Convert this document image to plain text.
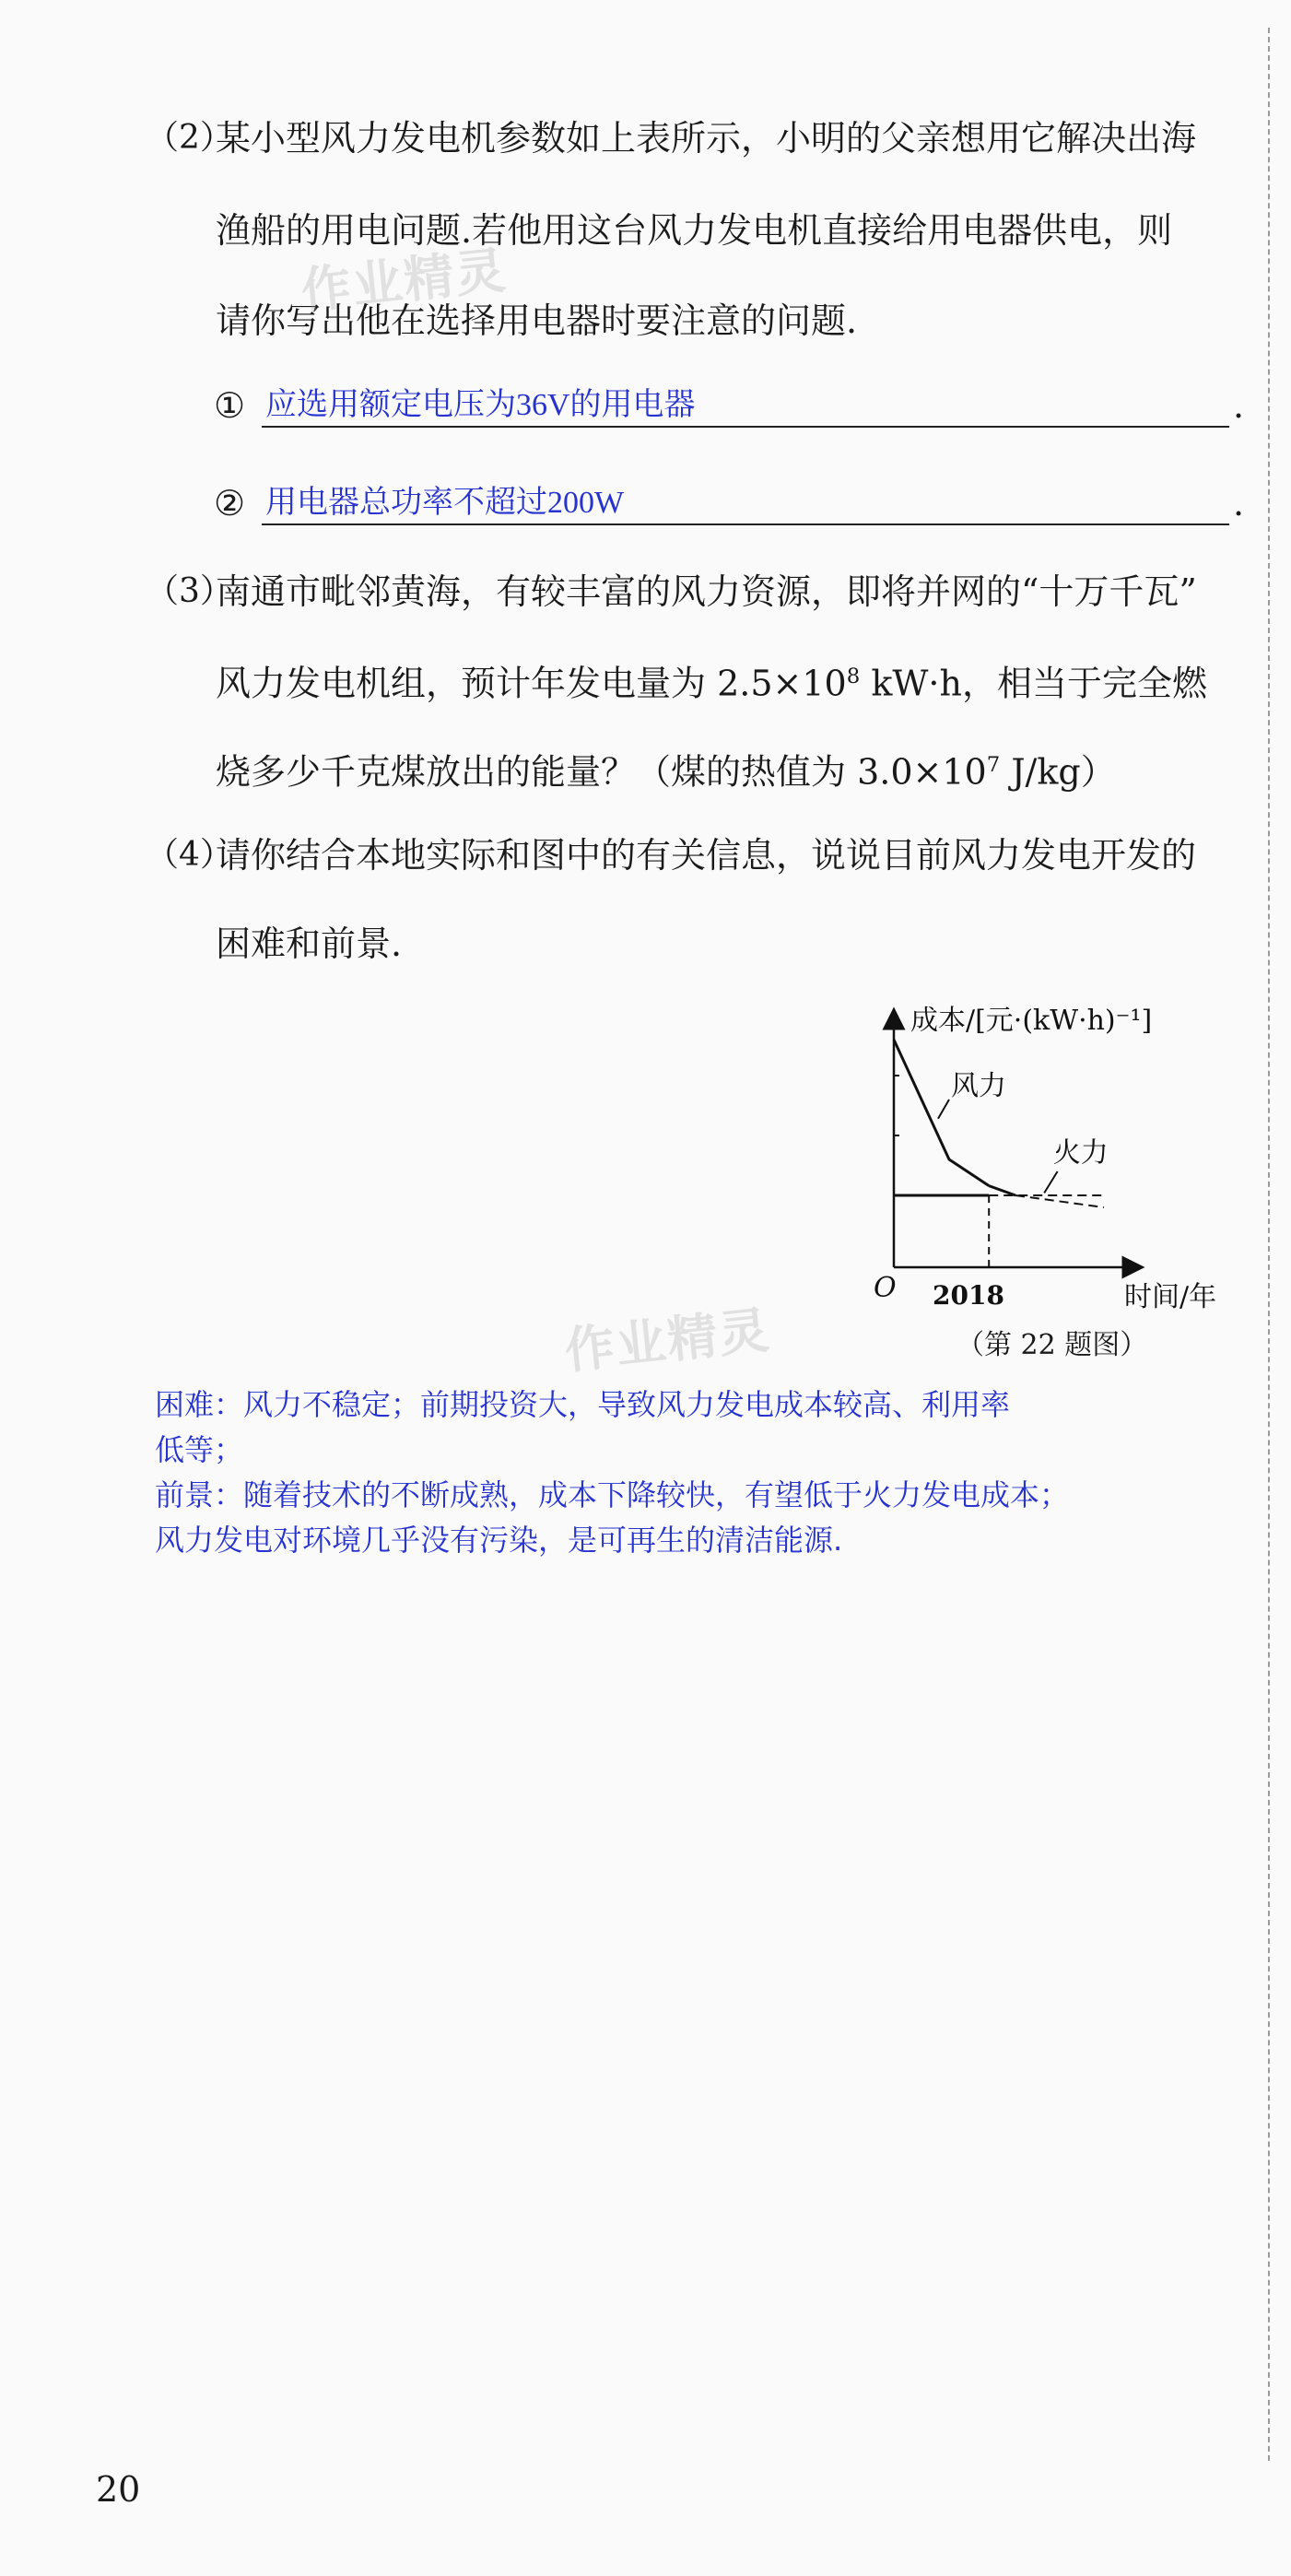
（2）
某小型风力发电机参数如上表所示，小明的父亲想用它解决出海
渔船的用电问题.若他用这台风力发电机直接给用电器供电，则
请你写出他在选择用电器时要注意的问题.
① 应选用额定电压为36V的用电器	.
② 用电器总功率不超过200W	.
（3）
南通市毗邻黄海，有较丰富的风力资源，即将并网的“十万千瓦”
风力发电机组，预计年发电量为 $2.5\times 10^8$ kW·h，相当于完全燃
烧多少千克煤放出的能量？（煤的热值为 $3.0\times 10^7$ J/kg）
（4）
请你结合本地实际和图中的有关信息，说说目前风力发电开发的
困难和前景.
成本/[元·(kW·h)⁻¹]
时间/年
O 2018
风力
火力
（第 22 题图）
困难：风力不稳定；前期投资大，导致风力发电成本较高、利用率
低等；
前景：随着技术的不断成熟，成本下降较快，有望低于火力发电成本；
风力发电对环境几乎没有污染，是可再生的清洁能源.
作业精灵
作业精灵
20
